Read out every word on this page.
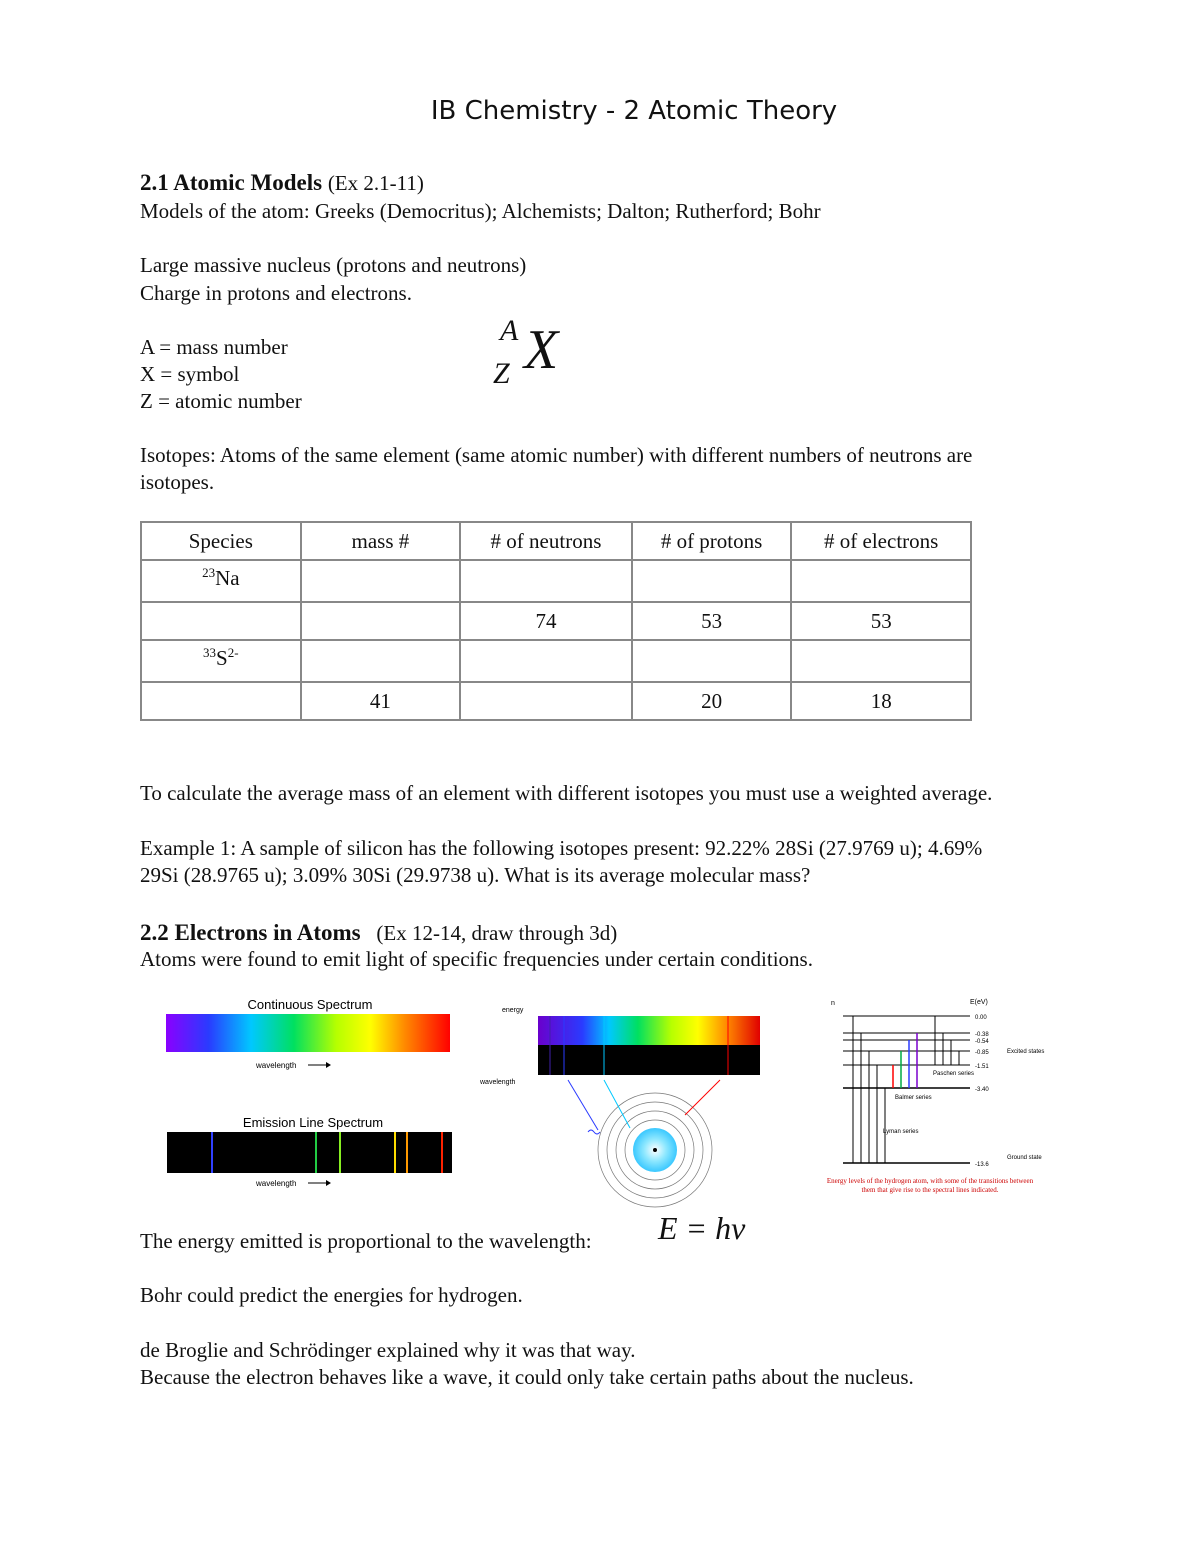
IB Chemistry - 2 Atomic Theory
2.1 Atomic Models (Ex 2.1-11)
Models of the atom: Greeks (Democritus); Alchemists; Dalton; Rutherford; Bohr
Large massive nucleus (protons and neutrons)
Charge in protons and electrons.
A = mass number
X = symbol
Z = atomic number
A
Z X
Isotopes: Atoms of the same element (same atomic number) with different numbers of neutrons are
isotopes.
Species	mass #	# of neutrons	# of protons	# of electrons
$^{23}$Na				
		74	53	53
$^{33}S^{2-}$				
	41		20	18
To calculate the average mass of an element with different isotopes you must use a weighted average.
Example 1: A sample of silicon has the following isotopes present: 92.22% 28Si (27.9769 u); 4.69%
29Si (28.9765 u); 3.09% 30Si (29.9738 u). What is its average molecular mass?
2.2 Electrons in Atoms (Ex 12-14, draw through 3d)
Atoms were found to emit light of specific frequencies under certain conditions.
Continuous Spectrum
wavelength
Emission Line Spectrum
wavelength
energy
wavelength
n	E(eV)
0.00
-0.38
-0.54
-0.85
-1.51
-3.40
-13.6
Lyman series
Balmer series
Paschen series
Excited states
Ground state
Energy levels of the hydrogen atom, with some of the transitions between them that give rise to the spectral lines indicated.
The energy emitted is proportional to the wavelength: E = hν
Bohr could predict the energies for hydrogen.
de Broglie and Schrödinger explained why it was that way.
Because the electron behaves like a wave, it could only take certain paths about the nucleus.
